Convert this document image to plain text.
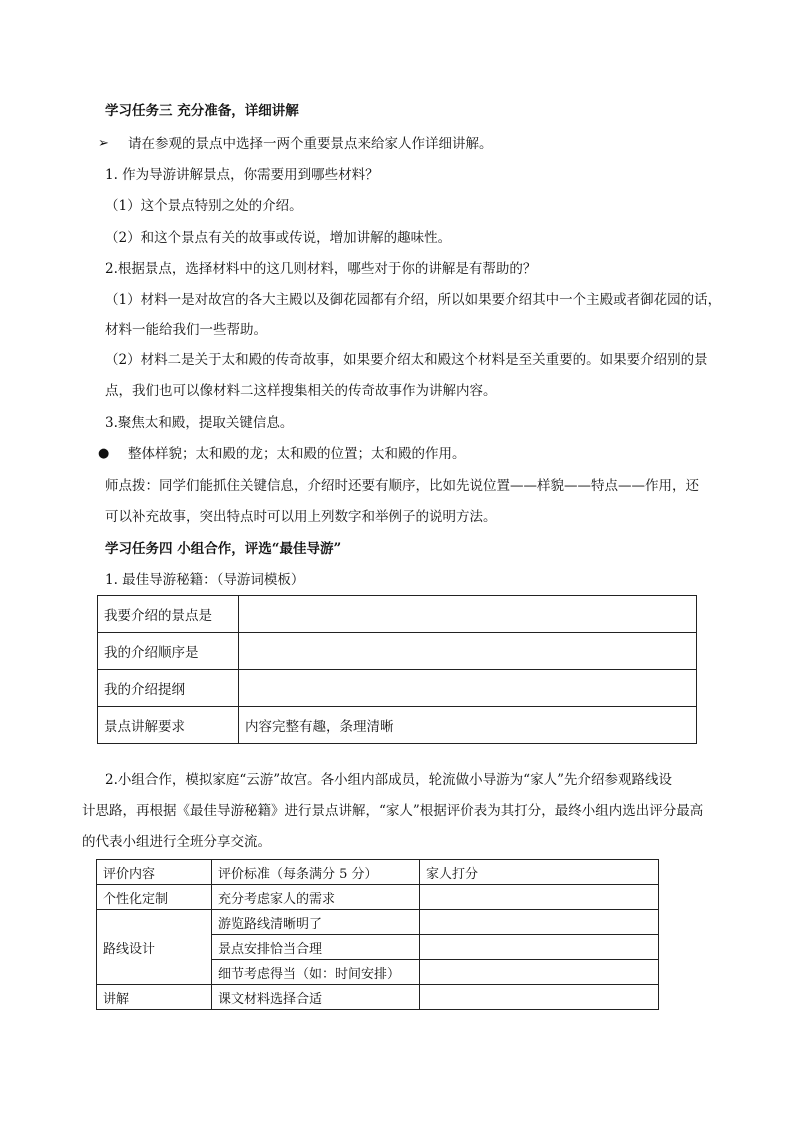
学习任务三 充分准备，详细讲解
➢ 请在参观的景点中选择一两个重要景点来给家人作详细讲解。
1. 作为导游讲解景点，你需要用到哪些材料？
（1）这个景点特别之处的介绍。
（2）和这个景点有关的故事或传说，增加讲解的趣味性。
2.根据景点，选择材料中的这几则材料，哪些对于你的讲解是有帮助的？
（1）材料一是对故宫的各大主殿以及御花园都有介绍，所以如果要介绍其中一个主殿或者御花园的话，
材料一能给我们一些帮助。
（2）材料二是关于太和殿的传奇故事，如果要介绍太和殿这个材料是至关重要的。如果要介绍别的景
点，我们也可以像材料二这样搜集相关的传奇故事作为讲解内容。
3.聚焦太和殿，提取关键信息。
● 整体样貌；太和殿的龙；太和殿的位置；太和殿的作用。
师点拨：同学们能抓住关键信息，介绍时还要有顺序，比如先说位置——样貌——特点——作用，还
可以补充故事，突出特点时可以用上列数字和举例子的说明方法。
学习任务四 小组合作，评选“最佳导游”
1. 最佳导游秘籍：（导游词模板）
我要介绍的景点是	
我的介绍顺序是	
我的介绍提纲	
景点讲解要求	内容完整有趣，条理清晰
2.小组合作，模拟家庭“云游”故宫。各小组内部成员，轮流做小导游为“家人”先介绍参观路线设
计思路，再根据《最佳导游秘籍》进行景点讲解，“家人”根据评价表为其打分，最终小组内选出评分最高
的代表小组进行全班分享交流。
评价内容	评价标准（每条满分 5 分）	家人打分
个性化定制	充分考虑家人的需求	
路线设计	游览路线清晰明了	
	景点安排恰当合理	
	细节考虑得当（如：时间安排）	
讲解	课文材料选择合适	
